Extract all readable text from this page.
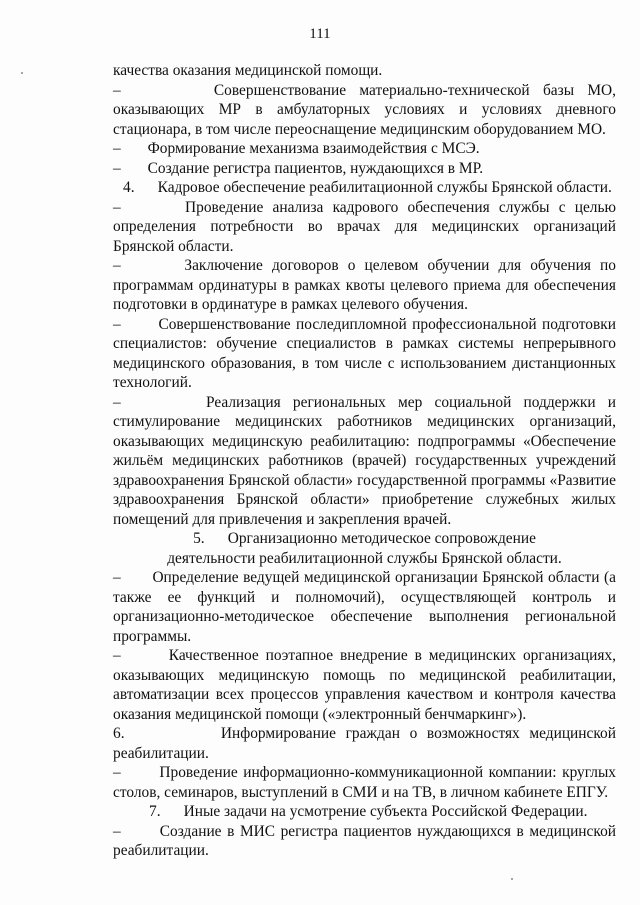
111

качества оказания медицинской помощи.

–       Совершенствование материально-технической базы МО, оказывающих МР в амбулаторных условиях и условиях дневного стационара, в том числе переоснащение медицинским оборудованием МО.

–       Формирование механизма взаимодействия с МСЭ.

–       Создание регистра пациентов, нуждающихся в МР.

4.      Кадровое обеспечение реабилитационной службы Брянской области.

–       Проведение анализа кадрового обеспечения службы с целью определения потребности во врачах для медицинских организаций Брянской области.

–       Заключение договоров о целевом обучении для обучения по программам ординатуры в рамках квоты целевого приема для обеспечения подготовки в ординатуре в рамках целевого обучения.

–       Совершенствование последипломной профессиональной подготовки специалистов: обучение специалистов в рамках системы непрерывного медицинского образования, в том числе с использованием дистанционных технологий.

–       Реализация региональных мер социальной поддержки и стимулирование медицинских работников медицинских организаций, оказывающих медицинскую реабилитацию: подпрограммы «Обеспечение жильём медицинских работников (врачей) государственных учреждений здравоохранения Брянской области» государственной программы «Развитие здравоохранения Брянской области» приобретение служебных жилых помещений для привлечения и закрепления врачей.

5.      Организационно методическое сопровождение деятельности реабилитационной службы Брянской области.

–       Определение ведущей медицинской организации Брянской области (а также ее функций и полномочий), осуществляющей контроль и организационно-методическое обеспечение выполнения региональной программы.

–       Качественное поэтапное внедрение в медицинских организациях, оказывающих медицинскую помощь по медицинской реабилитации, автоматизации всех процессов управления качеством и контроля качества оказания медицинской помощи («электронный бенчмаркинг»).

6.          Информирование граждан о возможностях медицинской реабилитации.

–       Проведение информационно-коммуникационной компании: круглых столов, семинаров, выступлений в СМИ и на ТВ, в личном кабинете ЕПГУ.

7.      Иные задачи на усмотрение субъекта Российской Федерации.

–       Создание в МИС регистра пациентов нуждающихся в медицинской реабилитации.
